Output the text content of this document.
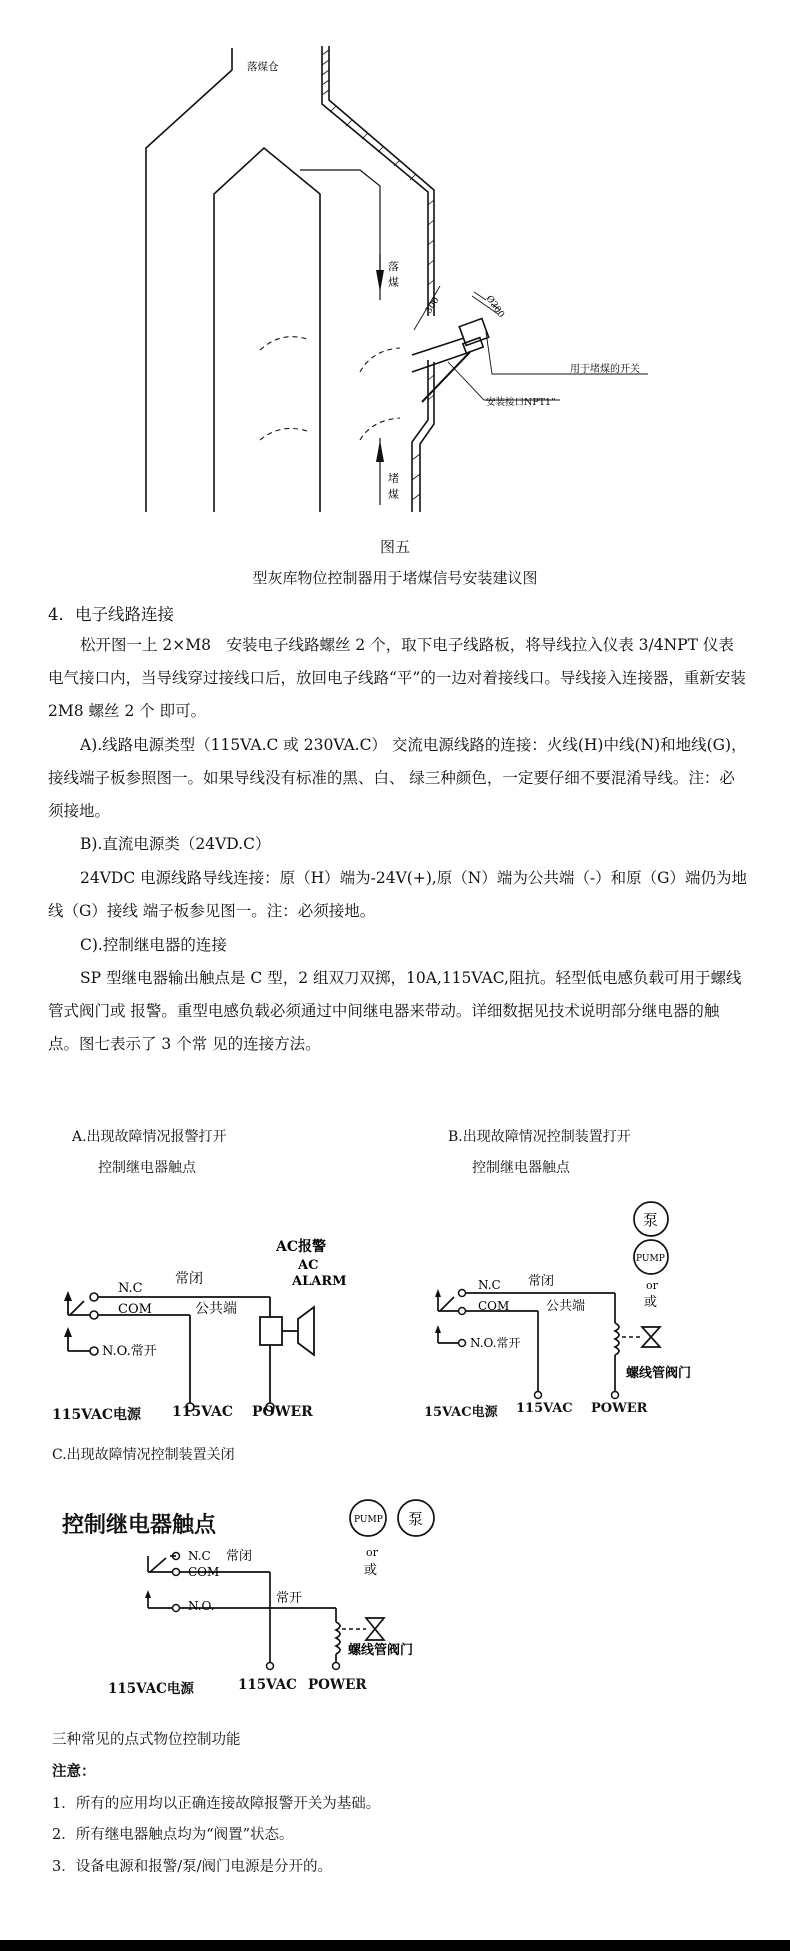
落煤仓
落
煤
堵
煤
300	Ø300
用于堵煤的开关
安装接口NPT1"
图五
型灰库物位控制器用于堵煤信号安装建议图
4．电子线路连接
松开图一上 2×M8　安装电子线路螺丝 2 个，取下电子线路板，将导线拉入仪表 3/4NPT 仪表电气接口内，当导线穿过接线口后，放回电子线路“平”的一边对着接线口。导线接入连接器，重新安装 2M8 螺丝 2 个 即可。
A).线路电源类型（115VA.C 或 230VA.C） 交流电源线路的连接：火线(H)中线(N)和地线(G)，接线端子板参照图一。如果导线没有标准的黑、白、 绿三种颜色，一定要仔细不要混淆导线。注：必须接地。
B).直流电源类（24VD.C）
24VDC 电源线路导线连接：原（H）端为-24V(+),原（N）端为公共端（-）和原（G）端仍为地线（G）接线 端子板参见图一。注：必须接地。
C).控制继电器的连接
SP 型继电器输出触点是 C 型，2 组双刀双掷，10A,115VAC,阻抗。轻型低电感负载可用于螺线管式阀门或 报警。重型电感负载必须通过中间继电器来带动。详细数据见技术说明部分继电器的触点。图七表示了 3 个常 见的连接方法。
A.出现故障情况报警打开
控制继电器触点
N.C
常闭
COM	公共端
N.O.常开
AC报警
AC
ALARM
115VAC电源 115VAC POWER
B.出现故障情况控制装置打开
控制继电器触点
泵
PUMP
or
或
N.C 常闭
COM	公共端
N.O.常开
螺线管阀门
15VAC电源 115VAC POWER
C.出现故障情况控制装置关闭
控制继电器触点	PUMP 泵
or
或
N.C 常闭
COM
N.O.	常开
螺线管阀门
115VAC电源	115VAC POWER
三种常见的点式物位控制功能
注意：
1．所有的应用均以正确连接故障报警开关为基础。
2．所有继电器触点均为“阀置”状态。
3．设备电源和报警/泵/阀门电源是分开的。
